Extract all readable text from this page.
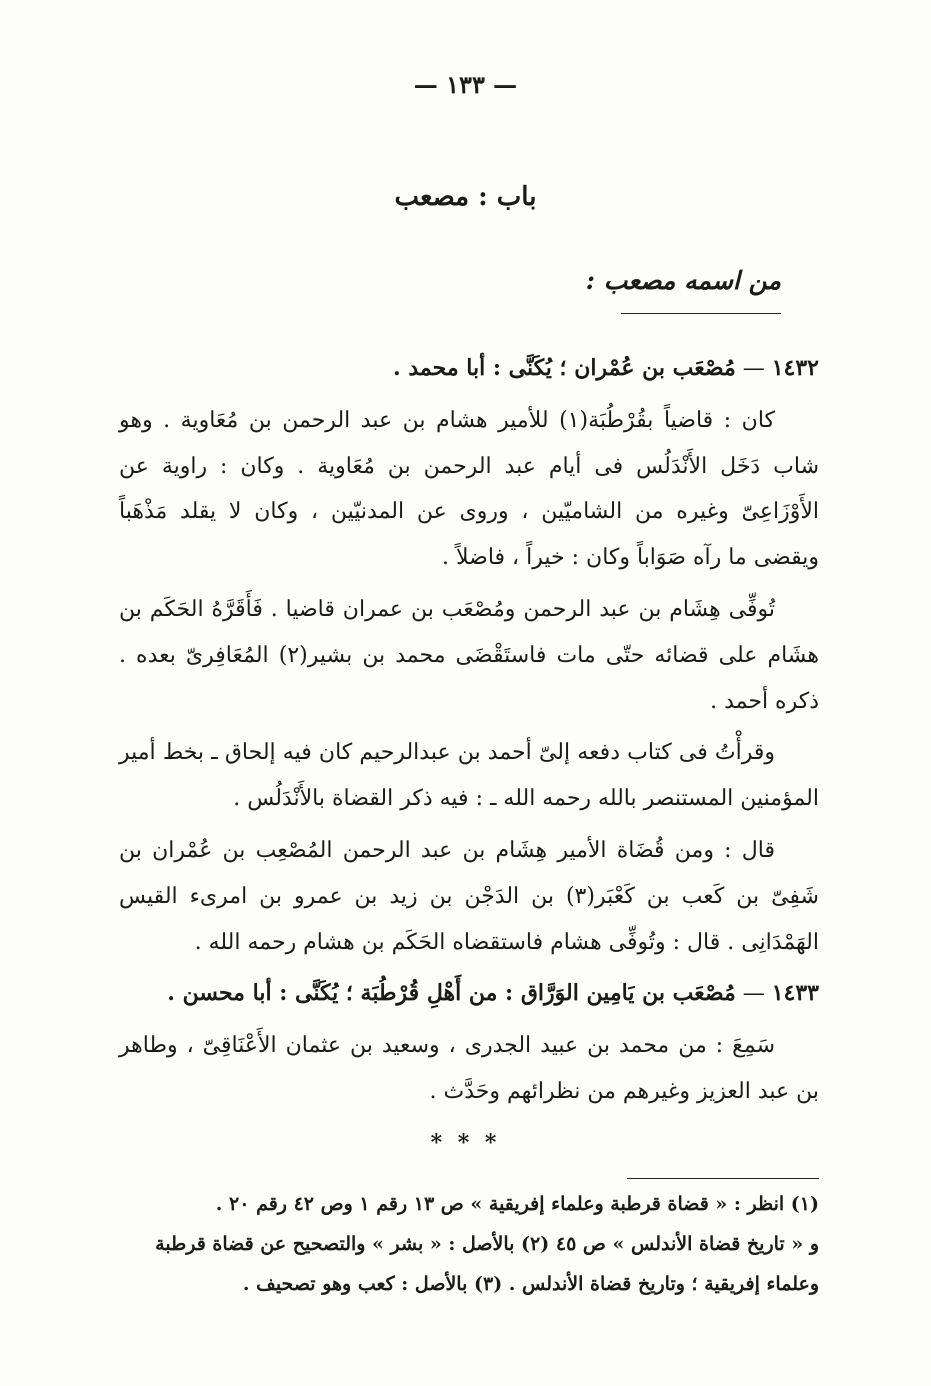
— ١٣٣ —
باب : مصعب
من اسمه مصعب :

١٤٣٢ — مُصْعَب بن عُمْران ؛ يُكَنَّى : أبا محمد .

كان : قاضياً بقُرْطُبَة(١) للأمير هشام بن عبد الرحمن بن مُعَاوية . وهو شاب دَخَل الأَنْدَلُس فى أيام عبد الرحمن بن مُعَاوية . وكان : راوية عن الأَوْزَاعِىّ وغيره من الشاميّين ، وروى عن المدنيّين ، وكان لا يقلد مَذْهَباً ويقضى ما رآه صَوَاباً وكان : خيراً ، فاضلاً .

تُوفِّى هِشَام بن عبد الرحمن ومُصْعَب بن عمران قاضيا . فَأَقَرَّهُ الحَكَم بن هشَام على قضائه حتّى مات فاستَقْضَى محمد بن بشير(٢) المُعَافِرىّ بعده . ذكره أحمد .

وقرأْتُ فى كتاب دفعه إلىّ أحمد بن عبدالرحيم كان فيه إلحاق ـ بخط أمير المؤمنين المستنصر بالله رحمه الله ـ : فيه ذكر القضاة بالأَنْدَلُس .

قال : ومن قُضَاة الأمير هِشَام بن عبد الرحمن المُصْعِب بن عُمْران بن شَفِىّ بن كَعب بن كَعْبَر(٣) بن الدَجْن بن زيد بن عمرو بن امرىء القيس الهَمْدَانِى . قال : وتُوفِّى هشام فاستقضاه الحَكَم بن هشام رحمه الله .

١٤٣٣ — مُصْعَب بن يَامِين الوَرَّاق : من أَهْلِ قُرْطُبَة ؛ يُكَنَّى : أبا محسن .

سَمِعَ : من محمد بن عبيد الجدرى ، وسعيد بن عثمان الأَعْنَاقِىّ ، وطاهر بن عبد العزيز وغيرهم من نظرائهم وحَدَّث .

* * *

(١) انظر : « قضاة قرطبة وعلماء إفريقية » ص ١٣ رقم ١ وص ٤٢ رقم ٢٠ .

و « تاريخ قضاة الأندلس » ص ٤٥ (٢) بالأصل : « بشر » والتصحيح عن قضاة قرطبة

وعلماء إفريقية ؛ وتاريخ قضاة الأندلس . (٣) بالأصل : كعب وهو تصحيف .
